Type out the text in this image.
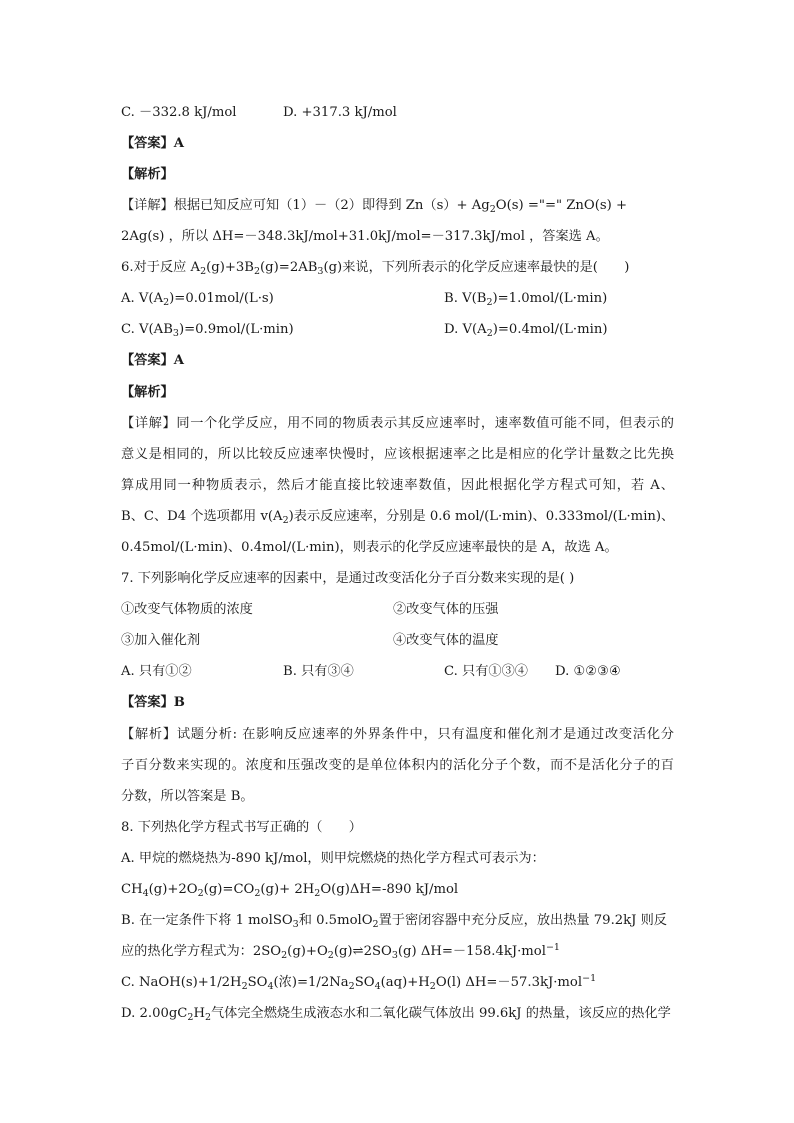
C. －332.8 kJ/mol	D. +317.3 kJ/mol
【答案】A
【解析】
【详解】根据已知反应可知（1）－（2）即得到 $Zn(s)+ Ag_2O(s)$ ="=" ZnO(s) +
2Ag(s) ，所以 ΔH=－348.3kJ/mol+31.0kJ/mol=－317.3kJ/mol ，答案选 A。
6.对于反应 $A_2(g)+3B_2(g)=2AB_3(g)$来说，下列所表示的化学反应速率最快的是(　　)
A. $V(A_2)=0.01mol/(L\cdot s)$	B. $V(B_2)=1.0mol/(L\cdot\min)$
C. $V(AB_3)=0.9mol/(L\cdot\min)$	D. $V(A_2)=0.4mol/(L\cdot\min)$
【答案】A
【解析】
【详解】同一个化学反应，用不同的物质表示其反应速率时，速率数值可能不同，但表示的
意义是相同的，所以比较反应速率快慢时，应该根据速率之比是相应的化学计量数之比先换
算成用同一种物质表示，然后才能直接比较速率数值，因此根据化学方程式可知，若 A、
B、C、D4 个选项都用 $v(A_2)$表示反应速率，分别是 0.6 mol/(L·min)、0.333mol/(L·min)、
0.45mol/(L·min)、0.4mol/(L·min)，则表示的化学反应速率最快的是 A，故选 A。
7. 下列影响化学反应速率的因素中，是通过改变活化分子百分数来实现的是( )
①改变气体物质的浓度	②改变气体的压强
③加入催化剂	④改变气体的温度
A. 只有①②	B. 只有③④	C. 只有①③④ D. ①②③④
【答案】B
【解析】试题分析: 在影响反应速率的外界条件中，只有温度和催化剂才是通过改变活化分
子百分数来实现的。浓度和压强改变的是单位体积内的活化分子个数，而不是活化分子的百
分数，所以答案是 B。
8. 下列热化学方程式书写正确的（　　）
A. 甲烷的燃烧热为-890 kJ/mol，则甲烷燃烧的热化学方程式可表示为：
$CH_4(g)+2O_2(g)=CO_2(g)+ 2H_2O(g)\Delta H=-890$ kJ/mol
B. 在一定条件下将 1 molSO$_3$和 0.5molO$_2$置于密闭容器中充分反应，放出热量 79.2kJ 则反
应的热化学方程式为：$2SO_2(g)+O_2(g)\rightleftharpoons 2SO_3(g)$ ΔH=－158.4kJ·mol$^{-1}$
C. $NaOH(s)+1/2H_2SO_4$(浓)$=1/2Na_2SO_4(aq)+H_2O(l)$ ΔH=－57.3kJ·mol$^{-1}$
D. $2.00gC_2H_2$气体完全燃烧生成液态水和二氧化碳气体放出 99.6kJ 的热量，该反应的热化学
